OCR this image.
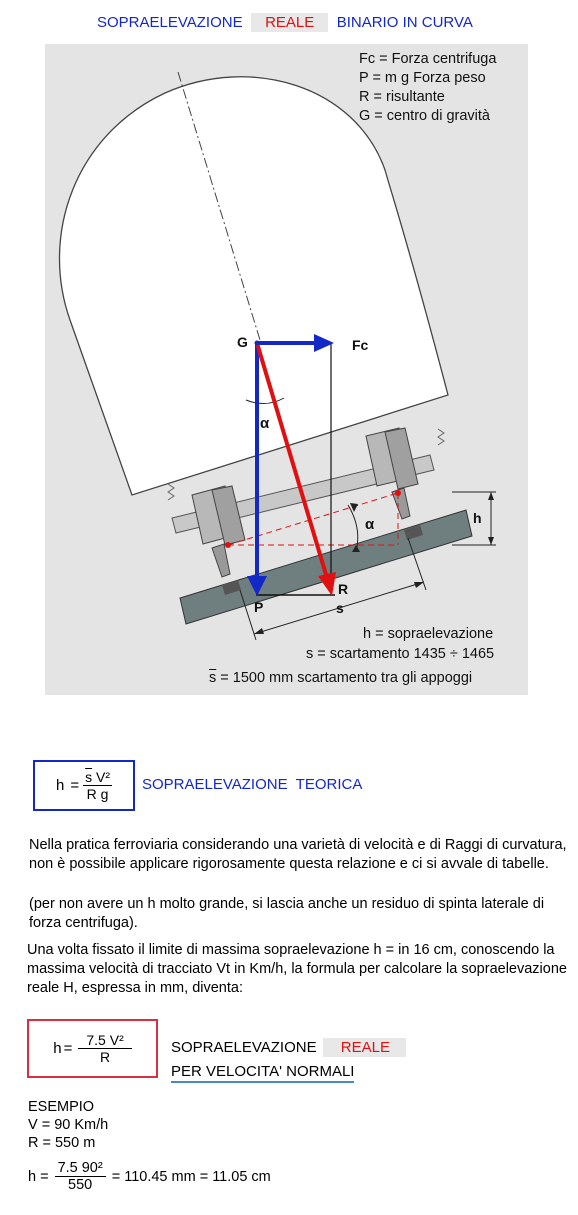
SOPRAELEVAZIONE REALE BINARIO IN CURVA
G	Fc
α
α
R
P	s
h
Fc = Forza centrifuga
P = m g Forza peso
R = risultante
G = centro di gravità
h = sopraelevazione
s = scartamento 1435 ÷ 1465
$\overline{s} = 1500$ mm scartamento tra gli appoggi
$h = \frac{\overline{s} V^2}{\text{R g}}$ SOPRAELEVAZIONE  TEORICA
Nella pratica ferroviaria considerando una varietà di velocità e di Raggi di curvatura, non è possibile applicare rigorosamente questa relazione e ci si avvale di tabelle.
(per non avere un h molto grande, si lascia anche un residuo di spinta laterale di forza centrifuga).
Una volta fissato il limite di massima sopraelevazione h = in 16 cm, conoscendo la massima velocità di tracciato Vt in Km/h, la formula per calcolare la sopraelevazione reale H, espressa in mm, diventa:
$h = \frac{\text{7.5 V²}}{R}$	SOPRAELEVAZIONE REALE
PER VELOCITA' NORMALI
ESEMPIO
V = 90 Km/h
R = 550 m
$h = \frac{\text{7.5 90²}}{550} = 110.45$ mm = 11.05 cm
